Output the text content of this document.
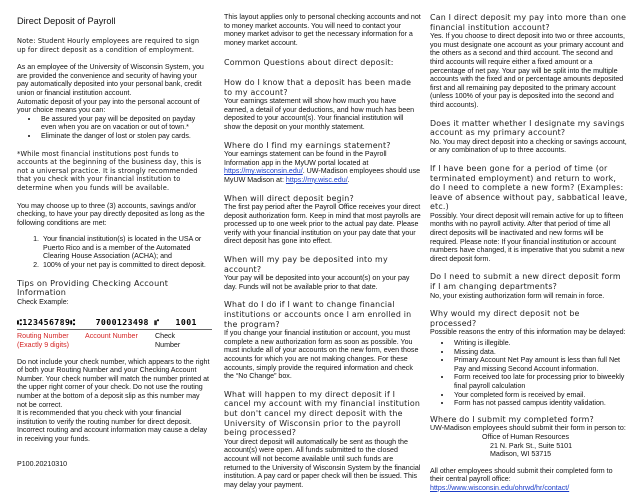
Direct Deposit of Payroll

Note: Student Hourly employees are required to sign up for direct deposit as a condition of employment.

As an employee of the University of Wisconsin System, you are provided the convenience and security of having your pay automatically deposited into your personal bank, credit union or financial institution account.

Automatic deposit of your pay into the personal account of your choice means you can:

• Be assured your pay will be deposited on payday even when you are on vacation or out of town.*
• Eliminate the danger of lost or stolen pay cards.

*While most financial institutions post funds to accounts at the beginning of the business day, this is not a universal practice. It is strongly recommended that you check with your financial institution to determine when you funds will be available.

You may choose up to three (3) accounts, savings and/or checking, to have your pay directly deposited as long as the following conditions are met:

1. Your financial institution(s) is located in the USA or Puerto Rico and is a member of the Automated Clearing House Association (ACHA); and
2. 100% of your net pay is committed to direct deposit.

Tips on Providing Checking Account Information

Check Example:

⑆123456789⑆ 7000123498 ⑈ 1001
Routing Number
(Exactly 9 digits)
Account Number	Check
Number

Do not include your check number, which appears to the right of both your Routing Number and your Checking Account Number. Your check number will match the number printed at the upper right corner of your check. Do not use the routing number at the bottom of a deposit slip as this number may not be correct.

It is recommended that you check with your financial institution to verify the routing number for direct deposit. Incorrect routing and account information may cause a delay in receiving your funds.

P100.20210310

This layout applies only to personal checking accounts and not to money market accounts. You will need to contact your money market advisor to get the necessary information for a money market account.

Common Questions about direct deposit:

How do I know that a deposit has been made to my account?

Your earnings statement will show how much you have earned, a detail of your deductions, and how much has been deposited to your account(s). Your financial institution will show the deposit on your monthly statement.

Where do I find my earnings statement?

Your earnings statement can be found in the Payroll Information app in the MyUW portal located at https://my.wisconsin.edu/. UW-Madison employees should use MyUW Madison at: https://my.wisc.edu/.

When will direct deposit begin?

The first pay period after the Payroll Office receives your direct deposit authorization form. Keep in mind that most payrolls are processed up to one week prior to the actual pay date. Please verify with your financial institution on your pay date that your direct deposit has gone into effect.

When will my pay be deposited into my account?

Your pay will be deposited into your account(s) on your pay day. Funds will not be available prior to that date.

What do I do if I want to change financial institutions or accounts once I am enrolled in the program?

If you change your financial institution or account, you must complete a new authorization form as soon as possible. You must include all of your accounts on the new form, even those accounts for which you are not making changes. For these accounts, simply provide the required information and check the “No Change” box.

What will happen to my direct deposit if I cancel my account with my financial institution but don't cancel my direct deposit with the University of Wisconsin prior to the payroll being processed?

Your direct deposit will automatically be sent as though the account(s) were open. All funds submitted to the closed account will not become available until such funds are returned to the University of Wisconsin System by the financial institution. A pay card or paper check will then be issued. This may delay your payment.

Can I direct deposit my pay into more than one financial institution account?

Yes. If you choose to direct deposit into two or three accounts, you must designate one account as your primary account and the others as a second and third account. The second and third accounts will require either a fixed amount or a percentage of net pay. Your pay will be split into the multiple accounts with the fixed and or percentage amounts deposited first and all remaining pay deposited to the primary account (unless 100% of your pay is deposited into the second and third accounts).

Does it matter whether I designate my savings account as my primary account?

No. You may direct deposit into a checking or savings account, or any combination of up to three accounts.

If I have been gone for a period of time (or terminated employment) and return to work, do I need to complete a new form? (Examples: leave of absence without pay, sabbatical leave, etc.)

Possibly. Your direct deposit will remain active for up to fifteen months with no payroll activity. After that period of time all direct deposits will be inactivated and new forms will be required. Please note: If your financial institution or account numbers have changed, it is imperative that you submit a new direct deposit form.

Do I need to submit a new direct deposit form if I am changing departments?

No, your existing authorization form will remain in force.

Why would my direct deposit not be processed?

Possible reasons the entry of this information may be delayed:

• Writing is illegible.
• Missing data.
• Primary Account Net Pay amount is less than full Net Pay and missing Second Account information.
• Form received too late for processing prior to biweekly final payroll calculation
• Your completed form is received by email.
• Form has not passed campus identity validation.

Where do I submit my completed form?

UW-Madison employees should submit their form in person to:

Office of Human Resources
21 N. Park St., Suite 5101
Madison, WI 53715

All other employees should submit their completed form to their central payroll office:

https://www.wisconsin.edu/ohrwd/hr/contact/
